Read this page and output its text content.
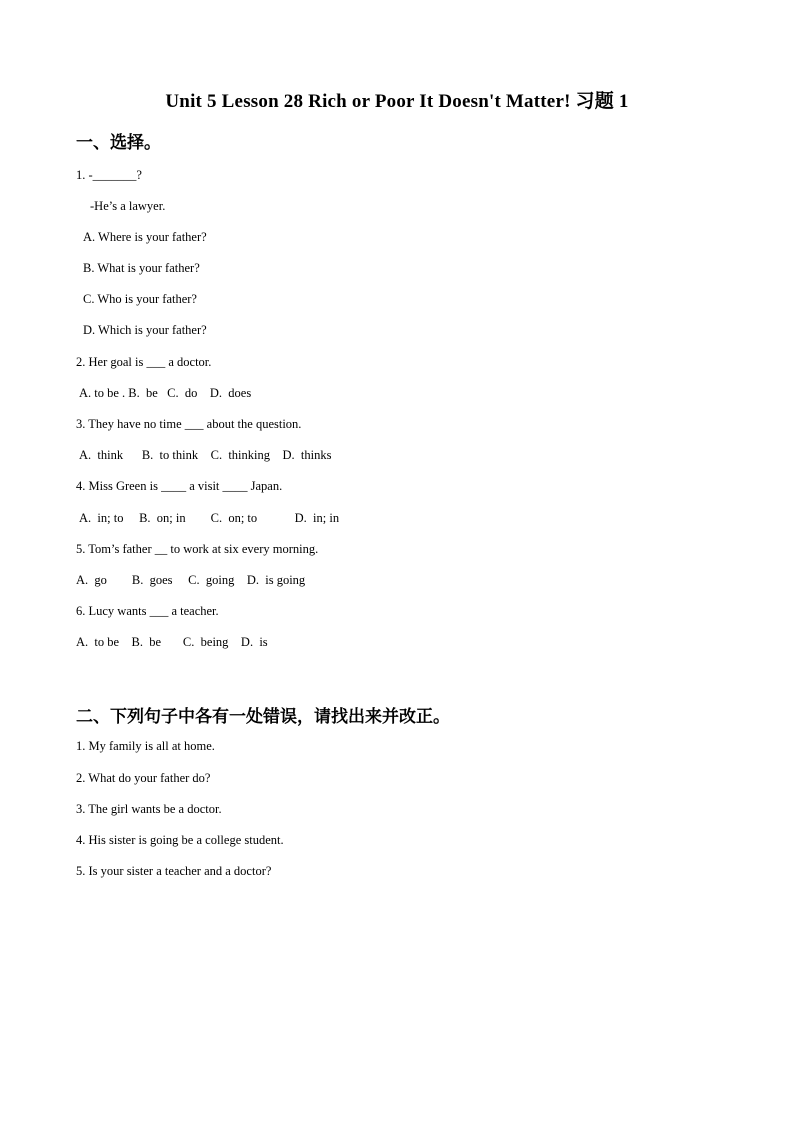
Unit 5 Lesson 28 Rich or Poor It Doesn't Matter! 习题 1
一、选择。
1. -_______?
-He’s a lawyer.
A. Where is your father?
B. What is your father?
C. Who is your father?
D. Which is your father?
2. Her goal is ___ a doctor.
A. to be . B.  be   C.  do    D.  does
3. They have no time ___ about the question.
A.  think      B.  to think    C.  thinking    D.  thinks
4. Miss Green is ____ a visit ____ Japan.
A.  in; to     B.  on; in        C.  on; to            D.  in; in
5. Tom’s father __ to work at six every morning.
A.  go        B.  goes     C.  going    D.  is going
6. Lucy wants ___ a teacher.
A.  to be    B.  be       C.  being    D.  is
二、下列句子中各有一处错误，请找出来并改正。
1. My family is all at home.
2. What do your father do?
3. The girl wants be a doctor.
4. His sister is going be a college student.
5. Is your sister a teacher and a doctor?
